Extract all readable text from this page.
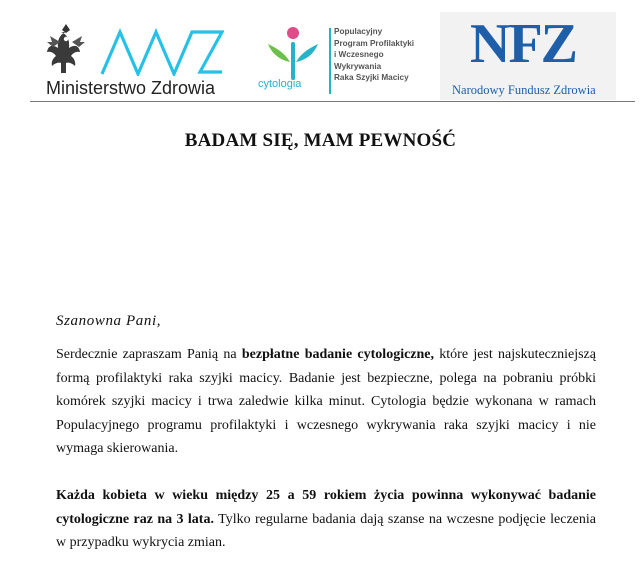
Ministerstwo Zdrowia	cytologia
Populacyjny
Program Profilaktyki
i Wczesnego
Wykrywania
Raka Szyjki Macicy
NFZ
Narodowy Fundusz Zdrowia
BADAM SIĘ, MAM PEWNOŚĆ
Szanowna Pani,

Serdecznie zapraszam Panią na bezpłatne badanie cytologiczne, które jest najskuteczniejszą formą profilaktyki raka szyjki macicy. Badanie jest bezpieczne, polega na pobraniu próbki komórek szyjki macicy i trwa zaledwie kilka minut. Cytologia będzie wykonana w ramach Populacyjnego programu profilaktyki i wczesnego wykrywania raka szyjki macicy i nie wymaga skierowania.

Każda kobieta w wieku między 25 a 59 rokiem życia powinna wykonywać badanie cytologiczne raz na 3 lata. Tylko regularne badania dają szanse na wczesne podjęcie leczenia w przypadku wykrycia zmian.
